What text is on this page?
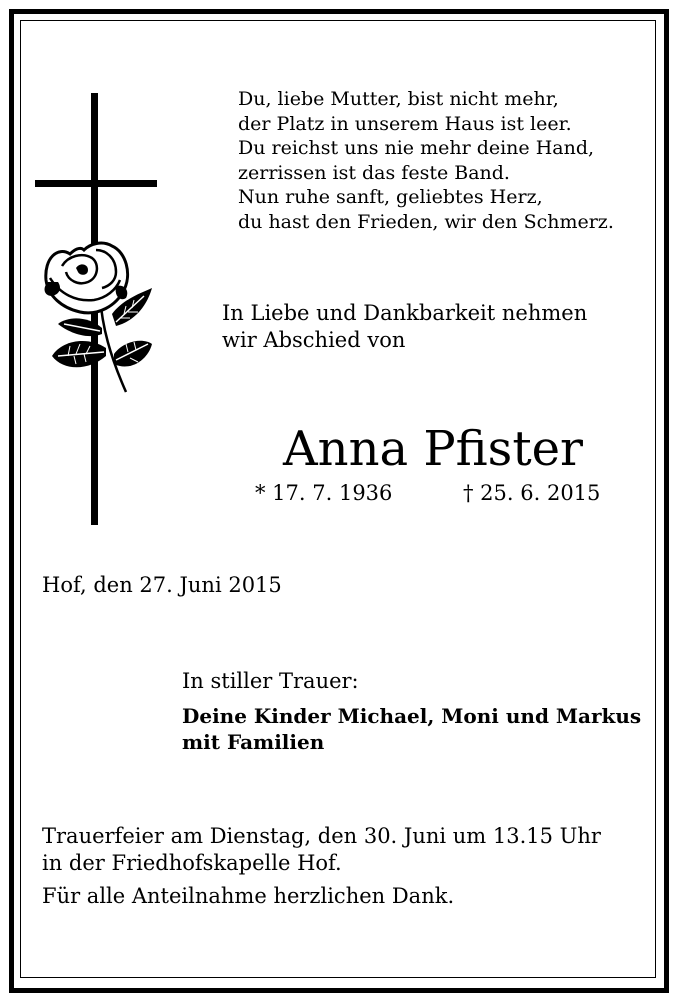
Du, liebe Mutter, bist nicht mehr,
der Platz in unserem Haus ist leer.
Du reichst uns nie mehr deine Hand,
zerrissen ist das feste Band.
Nun ruhe sanft, geliebtes Herz,
du hast den Frieden, wir den Schmerz.
In Liebe und Dankbarkeit nehmen
wir Abschied von
Anna Pfister
* 17. 7. 1936	† 25. 6. 2015
Hof, den 27. Juni 2015
In stiller Trauer:
Deine Kinder Michael, Moni und Markus
mit Familien
Trauerfeier am Dienstag, den 30. Juni um 13.15 Uhr
in der Friedhofskapelle Hof.
Für alle Anteilnahme herzlichen Dank.
